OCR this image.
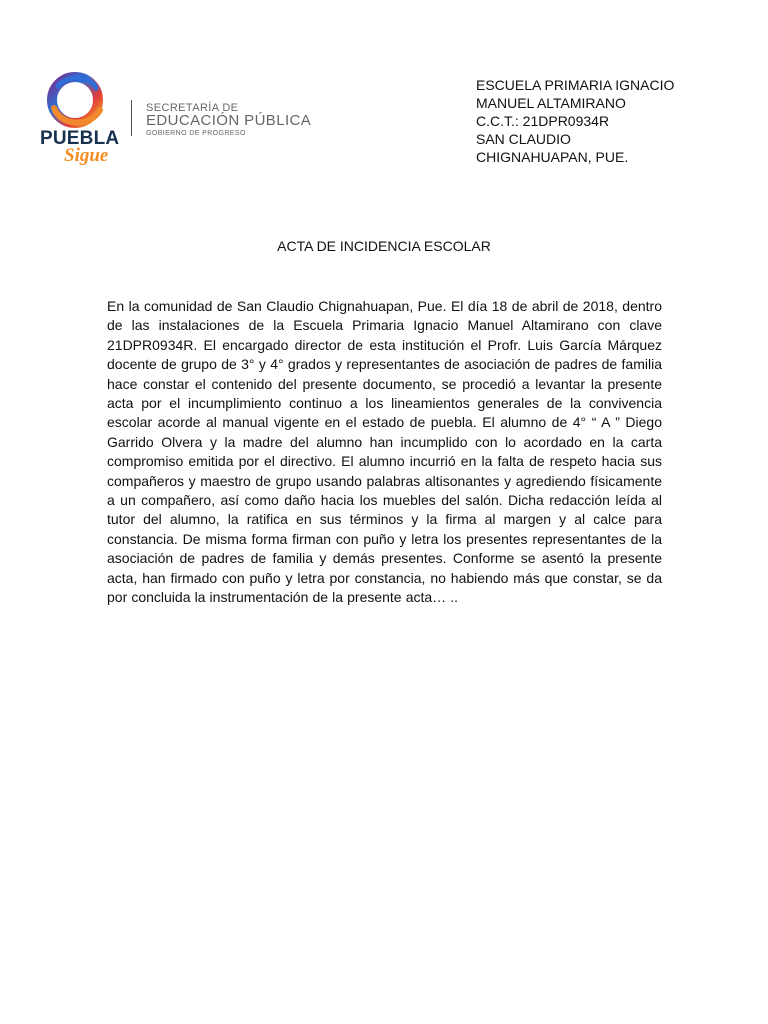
PUEBLA
Sigue
SECRETARÍA DE
EDUCACIÓN PÚBLICA
GOBIERNO DE PROGRESO
ESCUELA PRIMARIA IGNACIO
MANUEL ALTAMIRANO
C.C.T.: 21DPR0934R
SAN CLAUDIO
CHIGNAHUAPAN, PUE.
ACTA DE INCIDENCIA ESCOLAR
En la comunidad de San Claudio Chignahuapan, Pue. El día 18 de abril de 2018, dentro de las instalaciones de la Escuela Primaria Ignacio Manuel Altamirano con clave 21DPR0934R. El encargado director de esta institución el Profr. Luis García Márquez docente de grupo de 3° y 4° grados y representantes de asociación de padres de familia hace constar el contenido del presente documento, se procedió a levantar la presente acta por el incumplimiento continuo a los lineamientos generales de la convivencia escolar acorde al manual vigente en el estado de puebla. El alumno de 4° “ A ” Diego Garrido Olvera y la madre del alumno han incumplido con lo acordado en la carta compromiso emitida por el directivo. El alumno incurrió en la falta de respeto hacia sus compañeros y maestro de grupo usando palabras altisonantes y agrediendo físicamente a un compañero, así como daño hacia los muebles del salón. Dicha redacción leída al tutor del alumno, la ratifica en sus términos y la firma al margen y al calce para constancia. De misma forma firman con puño y letra los presentes representantes de la asociación de padres de familia y demás presentes. Conforme se asentó la presente acta, han firmado con puño y letra por constancia, no habiendo más que constar, se da por concluida la instrumentación de la presente acta… ..
